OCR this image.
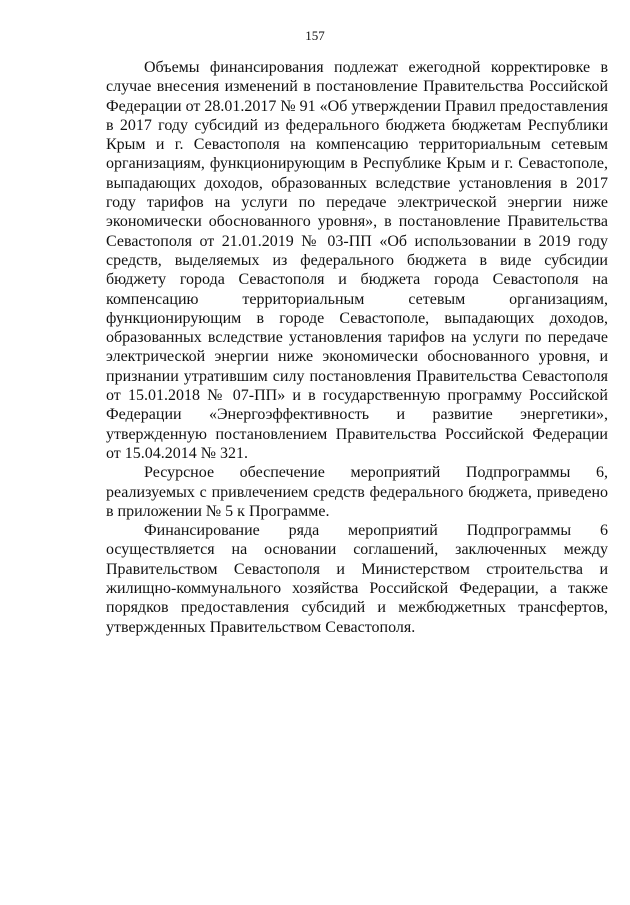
157

Объемы финансирования подлежат ежегодной корректировке в случае внесения изменений в постановление Правительства Российской Федерации от 28.01.2017 № 91 «Об утверждении Правил предоставления в 2017 году субсидий из федерального бюджета бюджетам Республики Крым и г. Севастополя на компенсацию территориальным сетевым организациям, функционирующим в Республике Крым и г. Севастополе, выпадающих доходов, образованных вследствие установления в 2017 году тарифов на услуги по передаче электрической энергии ниже экономически обоснованного уровня», в постановление Правительства Севастополя от 21.01.2019 № 03-ПП «Об использовании в 2019 году средств, выделяемых из федерального бюджета в виде субсидии бюджету города Севастополя и бюджета города Севастополя на компенсацию территориальным сетевым организациям, функционирующим в городе Севастополе, выпадающих доходов, образованных вследствие установления тарифов на услуги по передаче электрической энергии ниже экономически обоснованного уровня, и признании утратившим силу постановления Правительства Севастополя от 15.01.2018 № 07-ПП» и в государственную программу Российской Федерации «Энергоэффективность и развитие энергетики», утвержденную постановлением Правительства Российской Федерации от 15.04.2014 № 321.

Ресурсное обеспечение мероприятий Подпрограммы 6, реализуемых с привлечением средств федерального бюджета, приведено в приложении № 5 к Программе.

Финансирование ряда мероприятий Подпрограммы 6 осуществляется на основании соглашений, заключенных между Правительством Севастополя и Министерством строительства и жилищно-коммунального хозяйства Российской Федерации, а также порядков предоставления субсидий и межбюджетных трансфертов, утвержденных Правительством Севастополя.
